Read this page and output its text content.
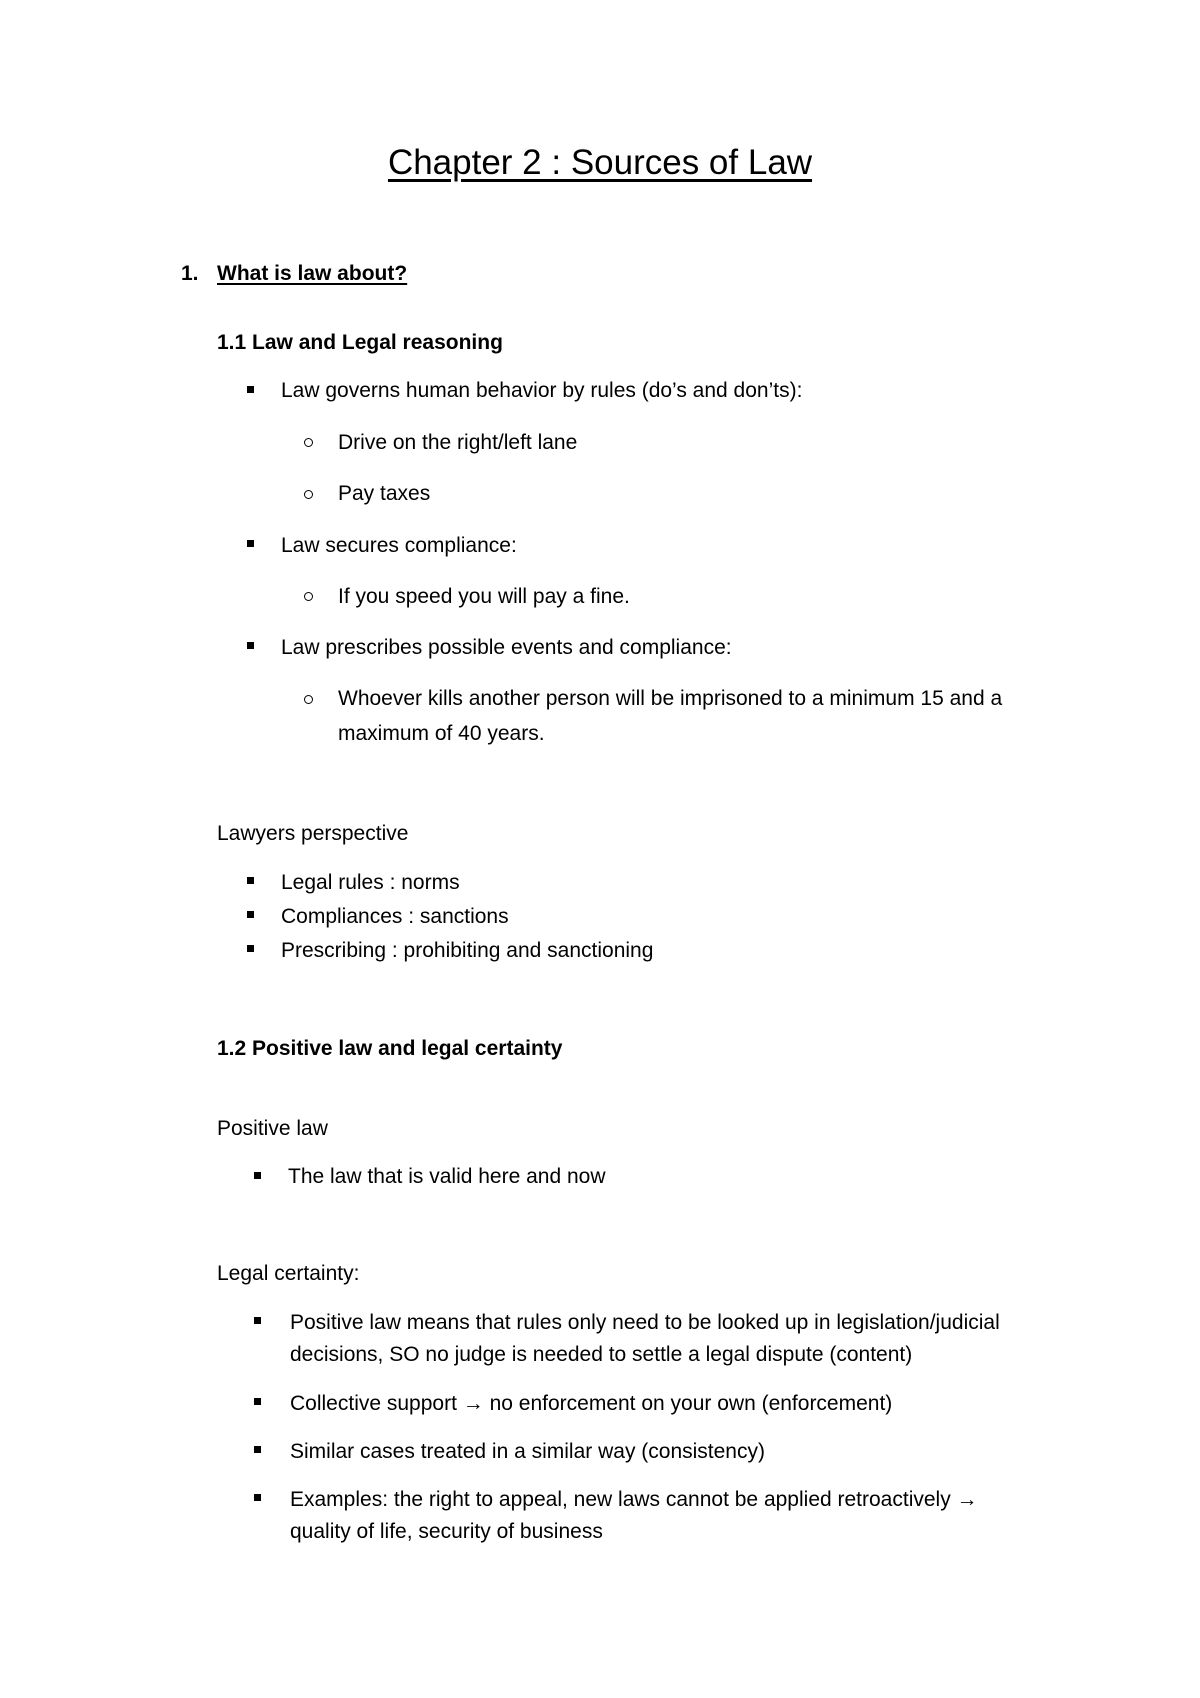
Chapter 2 : Sources of Law
1. What is law about?
1.1 Law and Legal reasoning
Law governs human behavior by rules (do’s and don’ts):
Drive on the right/left lane
Pay taxes
Law secures compliance:
If you speed you will pay a fine.
Law prescribes possible events and compliance:
Whoever kills another person will be imprisoned to a minimum 15 and a
maximum of 40 years.
Lawyers perspective
Legal rules : norms
Compliances : sanctions
Prescribing : prohibiting and sanctioning
1.2 Positive law and legal certainty
Positive law
The law that is valid here and now
Legal certainty:
Positive law means that rules only need to be looked up in legislation/judicial
decisions, SO no judge is needed to settle a legal dispute (content)
Collective support → no enforcement on your own (enforcement)
Similar cases treated in a similar way (consistency)
Examples: the right to appeal, new laws cannot be applied retroactively →
quality of life, security of business
